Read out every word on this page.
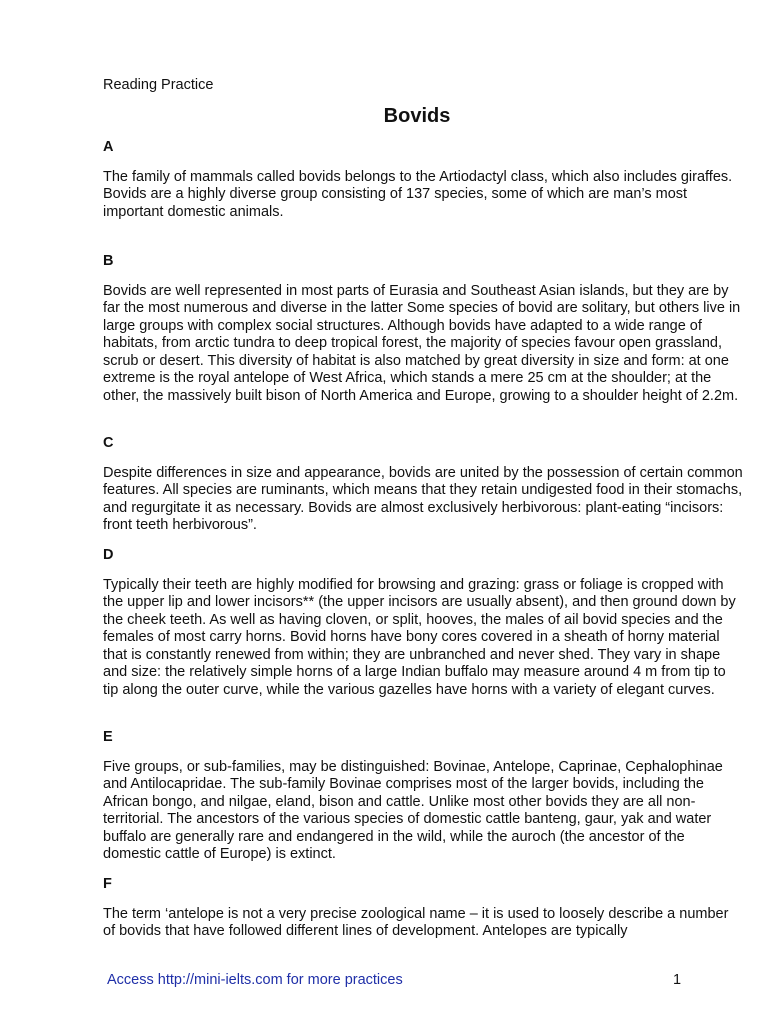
Reading Practice
Bovids
A
The family of mammals called bovids belongs to the Artiodactyl class, which also includes giraffes. Bovids are a highly diverse group consisting of 137 species, some of which are man’s most important domestic animals.
B
Bovids are well represented in most parts of Eurasia and Southeast Asian islands, but they are by far the most numerous and diverse in the latter Some species of bovid are solitary, but others live in large groups with complex social structures. Although bovids have adapted to a wide range of habitats, from arctic tundra to deep tropical forest, the majority of species favour open grassland, scrub or desert. This diversity of habitat is also matched by great diversity in size and form: at one extreme is the royal antelope of West Africa, which stands a mere 25 cm at the shoulder; at the other, the massively built bison of North America and Europe, growing to a shoulder height of 2.2m.
C
Despite differences in size and appearance, bovids are united by the possession of certain common features. All species are ruminants, which means that they retain undigested food in their stomachs, and regurgitate it as necessary. Bovids are almost exclusively herbivorous: plant-eating “incisors: front teeth herbivorous”.
D
Typically their teeth are highly modified for browsing and grazing: grass or foliage is cropped with the upper lip and lower incisors** (the upper incisors are usually absent), and then ground down by the cheek teeth. As well as having cloven, or split, hooves, the males of ail bovid species and the females of most carry horns. Bovid horns have bony cores covered in a sheath of horny material that is constantly renewed from within; they are unbranched and never shed. They vary in shape and size: the relatively simple horns of a large Indian buffalo may measure around 4 m from tip to tip along the outer curve, while the various gazelles have horns with a variety of elegant curves.
E
Five groups, or sub-families, may be distinguished: Bovinae, Antelope, Caprinae, Cephalophinae and Antilocapridae. The sub-family Bovinae comprises most of the larger bovids, including the African bongo, and nilgae, eland, bison and cattle. Unlike most other bovids they are all non-territorial. The ancestors of the various species of domestic cattle banteng, gaur, yak and water buffalo are generally rare and endangered in the wild, while the auroch (the ancestor of the domestic cattle of Europe) is extinct.
F
The term ‘antelope is not a very precise zoological name – it is used to loosely describe a number of bovids that have followed different lines of development. Antelopes are typically
Access http://mini-ielts.com for more practices	1
